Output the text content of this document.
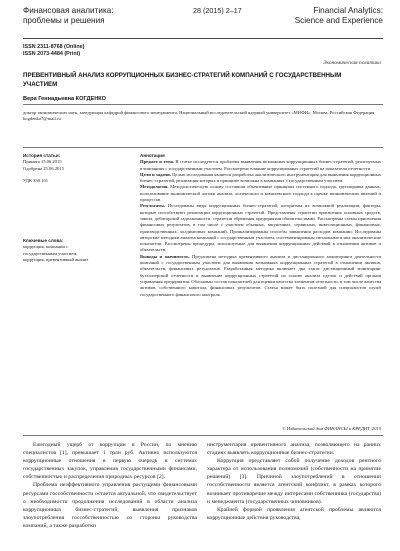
Финансовая аналитика:
проблемы и решения
28 (2015) 2–17	Financial Analytics:
Science and Experience
ISSN 2311-8768 (Online)
ISSN 2073-4484 (Print)
Экономическая политика
ПРЕВЕНТИВНЫЙ АНАЛИЗ КОРРУПЦИОННЫХ БИЗНЕС-СТРАТЕГИЙ КОМПАНИЙ С ГОСУДАРСТВЕННЫМ УЧАСТИЕМ
Вера Геннадьевна КОГДЕНКО
доктор экономических наук, заведующая кафедрой финансового менеджмента, Национальный исследовательский ядерный университет «МИФИ», Москва, Российская Федерация
kogdenko7@mail.ru
История статьи:
Принята 15.06.2015
Одобрена 25.06.2015
УДК 330.101
Ключевые слова:
коррупция, компании с государственным участием, коррупция, превентивный анализ
Аннотация

Предмет и тема. В статье исследуются проблемы выявления возможных коррупционных бизнес-стратегий, реализуемых в компаниях с государственным участием. Рассмотрено влияние коррупционных стратегий на показатели отчетности.

Цели и задачи. Целью исследования является разработка аналитического инструментария для выявления коррупционных бизнес-стратегий, реализация которых в принципе возможна в компаниях с государственным участием.

Методология. Методологическую основу составили объективные принципы системного подхода, группировка данных, использование экономической логики анализа, логического и комплексного подхода к оценке экономических явлений и процессов.

Результаты. Исследованы виды коррупционных бизнес-стратегий; алгоритмы их возможной реализации, факторы, которые способствуют реализации коррупционных стратегий. Представлены стратегии присвоения основных средств, завоза, дебиторской задолженности, стратегии обремения предприятия обязательствами. Рассмотрены схемы присвоения финансовых результатов, в том числе с участием обычных, закупочных, сервисных, инвестиционных, финансовых, производственных, холдинговых компаний. Проанализированы способы завышения расходов компании. Исследованы авторские методики анализа компаний с государственным участием, систематизированы сигнальные в них аналитические показатели. Рассмотрены процедуры, используемые для выявления коррупционных действий в отношении активов и обязательств.

Выводы и значимость. Предложена методика превентивного анализа и дистанционного мониторинга деятельности компаний с государственным участием для выявления возможных коррупционных стратегий в отношении активов, обязательств, финансовых результатов. Разработанная методика включает два этапа: дистанционный мониторинг бухгалтерской отчетности и выявление коррупционных стратегий на основе анализа сделок и действий органов управления предприятия. Обоснован состав показателей для оценки качества элементов отчетности, в том числе качества активов, собственного капитала, финансовых результатов. Статья может быть полезной для специалистов служб государственного финансового контроля.

© Издательский дом ФИНАНСЫ и КРЕДИТ, 2015

Ежегодный ущерб от коррупции в России, по мнению специалистов [1], превышает 1 трлн руб. Активно используются коррупционные отношения в первую очередь в системах государственных закупок, управления государственными финансами, собственностью и распределения природных ресурсов [2].

Проблема неэффективного управления растущими финансовыми ресурсами госсобственности остается актуальной, что свидетельствует о необходимости продолжения исследований в области анализа коррупционных бизнес-стратегий, выявления признаков злоупотребления госсобственностью со стороны руководства компаний, а также разработки

инструментария превентивного анализа, позволяющего на ранних стадиях выявлять коррупционные бизнес-стратегии.

Коррупция представляет собой получение доходов рентного характера от использования полномочий (собственности на принятие решений) [3]. Причиной злоупотреблений в отношении госсобственности является агентский конфликт, в рамках которого возникает противоречие между интересами собственника (государства) и менеджмента (государственных чиновников).

Крайней формой проявления агентской проблемы являются коррупционные действия руководства,
